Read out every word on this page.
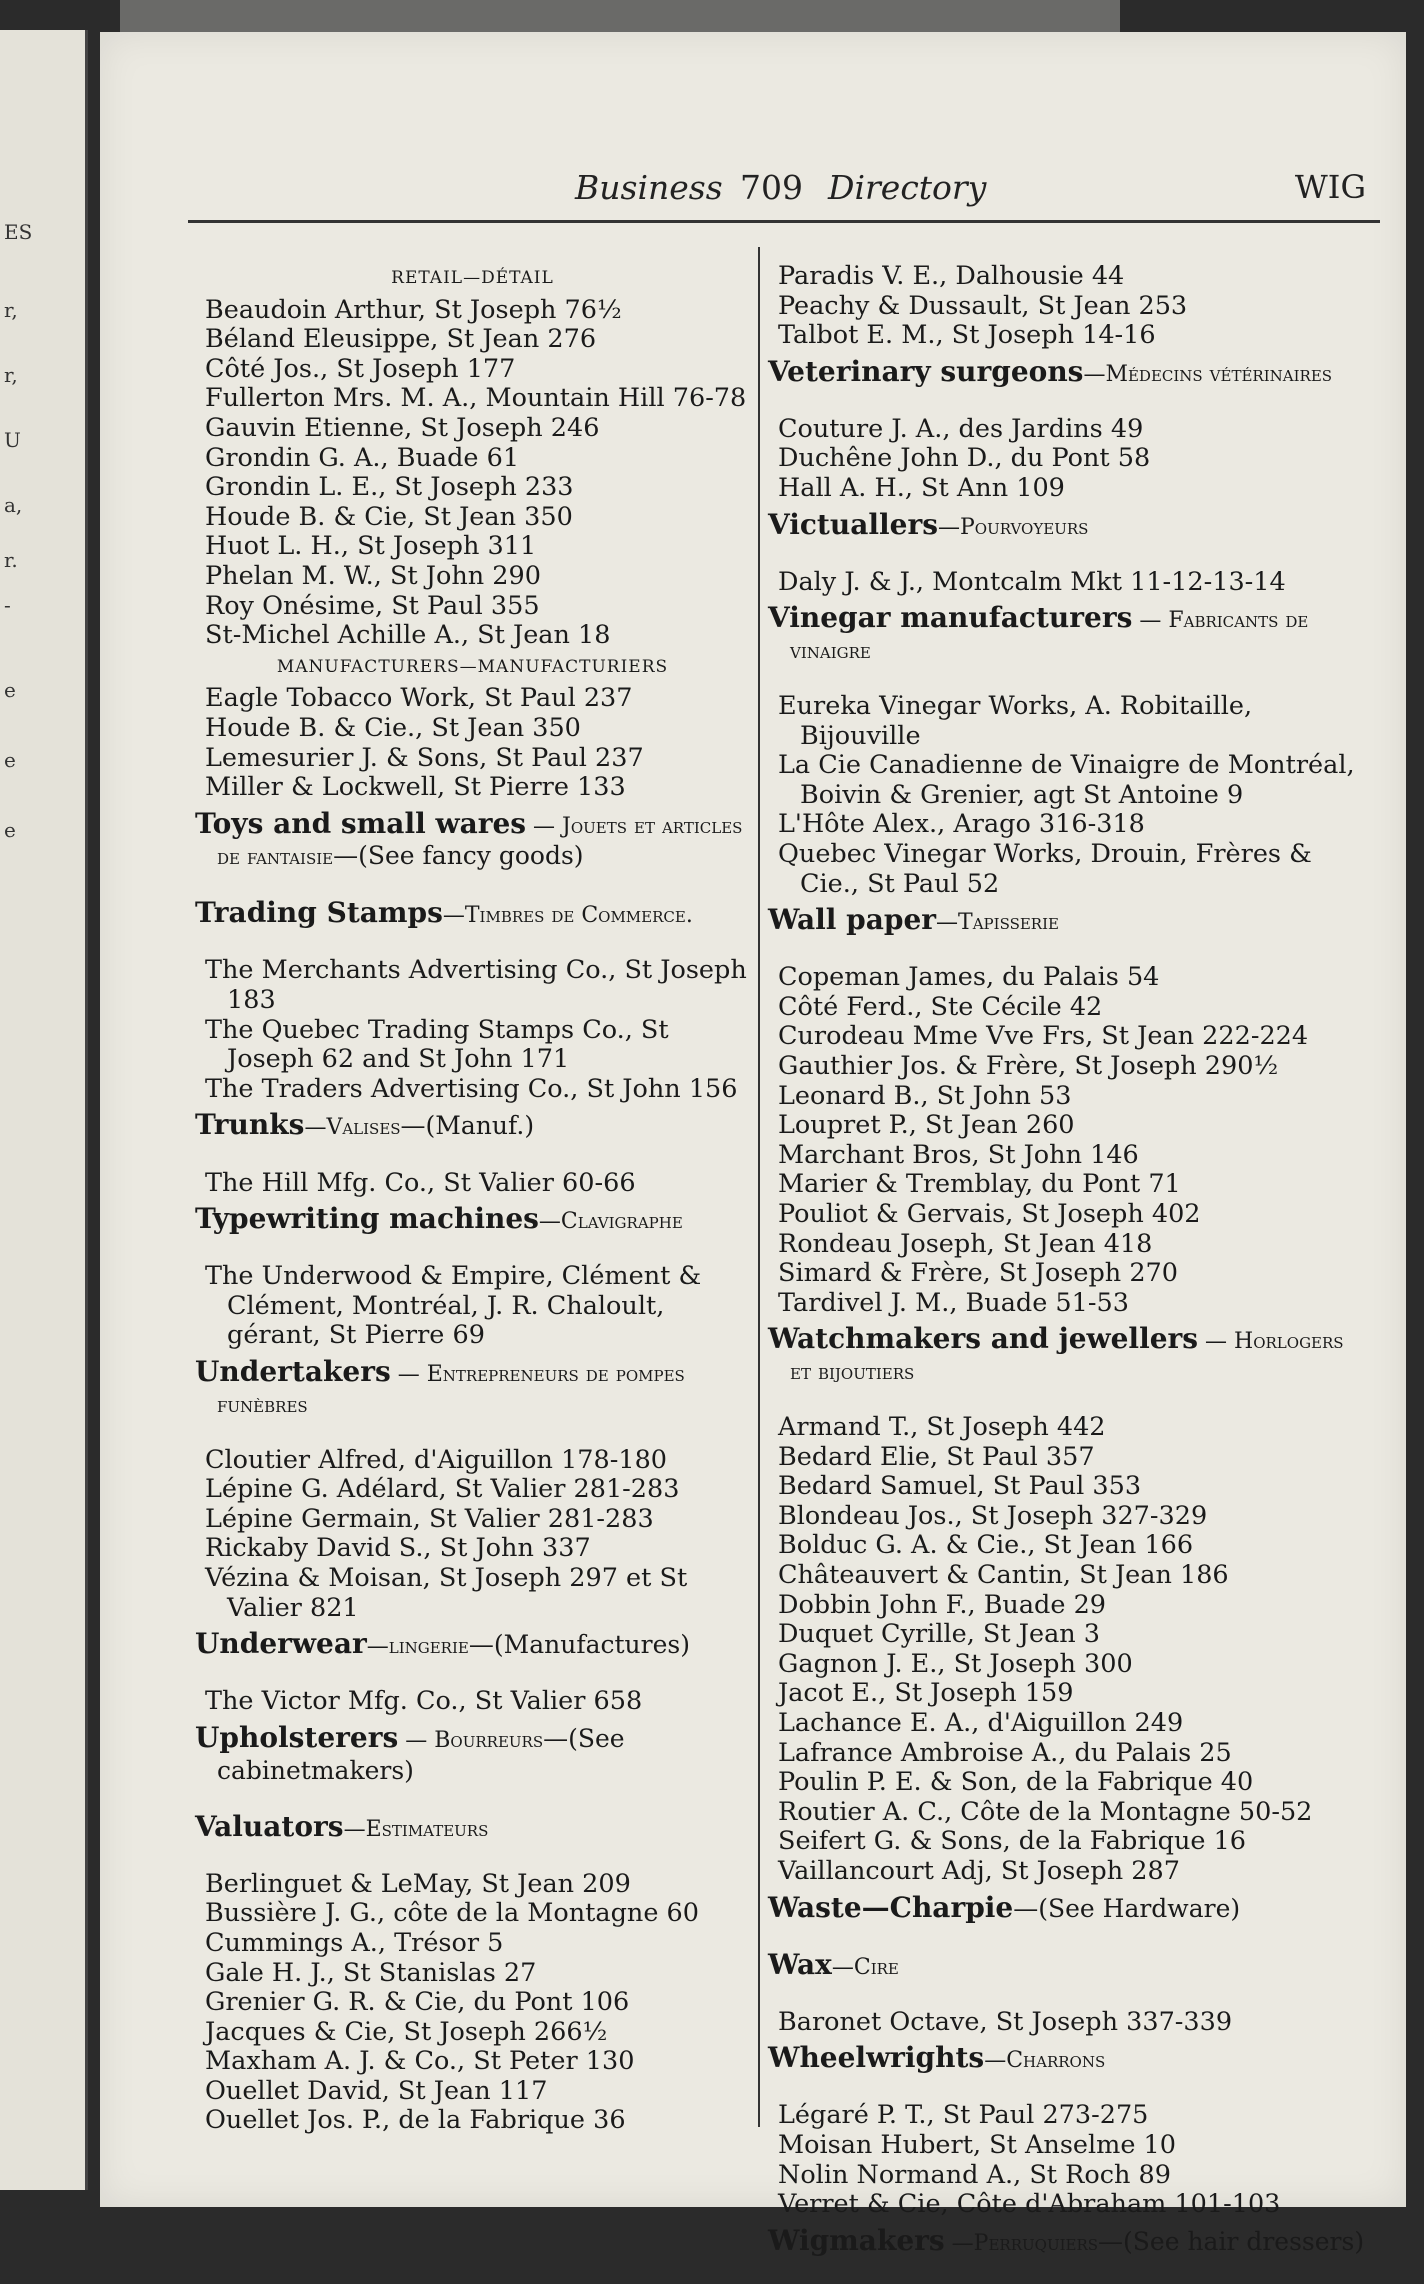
ES
r,
r,
U
a,
r.
-
e
e
e
Business 709 Directory	WIG

RETAIL—DÉTAIL

Beaudoin Arthur, St Joseph 76½

Béland Eleusippe, St Jean 276

Côté Jos., St Joseph 177

Fullerton Mrs. M. A., Mountain Hill 76-78

Gauvin Etienne, St Joseph 246

Grondin G. A., Buade 61

Grondin L. E., St Joseph 233

Houde B. & Cie, St Jean 350

Huot L. H., St Joseph 311

Phelan M. W., St John 290

Roy Onésime, St Paul 355

St-Michel Achille A., St Jean 18

MANUFACTURERS—MANUFACTURIERS

Eagle Tobacco Work, St Paul 237

Houde B. & Cie., St Jean 350

Lemesurier J. & Sons, St Paul 237

Miller & Lockwell, St Pierre 133

Toys and small wares — Jouets et articles de fantaisie—(See fancy goods)

Trading Stamps—Timbres de Commerce.

The Merchants Advertising Co., St Joseph 183

The Quebec Trading Stamps Co., St Joseph 62 and St John 171

The Traders Advertising Co., St John 156

Trunks—Valises—(Manuf.)

The Hill Mfg. Co., St Valier 60-66

Typewriting machines—Clavigraphe

The Underwood & Empire, Clément & Clément, Montréal, J. R. Chaloult, gérant, St Pierre 69

Undertakers — Entrepreneurs de pompes funèbres

Cloutier Alfred, d'Aiguillon 178-180

Lépine G. Adélard, St Valier 281-283

Lépine Germain, St Valier 281-283

Rickaby David S., St John 337

Vézina & Moisan, St Joseph 297 et St Valier 821

Underwear—lingerie—(Manufactures)

The Victor Mfg. Co., St Valier 658

Upholsterers — Bourreurs—(See cabinetmakers)

Valuators—Estimateurs

Berlinguet & LeMay, St Jean 209

Bussière J. G., côte de la Montagne 60

Cummings A., Trésor 5

Gale H. J., St Stanislas 27

Grenier G. R. & Cie, du Pont 106

Jacques & Cie, St Joseph 266½

Maxham A. J. & Co., St Peter 130

Ouellet David, St Jean 117

Ouellet Jos. P., de la Fabrique 36

Paradis V. E., Dalhousie 44

Peachy & Dussault, St Jean 253

Talbot E. M., St Joseph 14-16

Veterinary surgeons—Médecins vétérinaires

Couture J. A., des Jardins 49

Duchêne John D., du Pont 58

Hall A. H., St Ann 109

Victuallers—Pourvoyeurs

Daly J. & J., Montcalm Mkt 11-12-13-14

Vinegar manufacturers — Fabricants de vinaigre

Eureka Vinegar Works, A. Robitaille, Bijouville

La Cie Canadienne de Vinaigre de Montréal, Boivin & Grenier, agt St Antoine 9

L'Hôte Alex., Arago 316-318

Quebec Vinegar Works, Drouin, Frères & Cie., St Paul 52

Wall paper—Tapisserie

Copeman James, du Palais 54

Côté Ferd., Ste Cécile 42

Curodeau Mme Vve Frs, St Jean 222-224

Gauthier Jos. & Frère, St Joseph 290½

Leonard B., St John 53

Loupret P., St Jean 260

Marchant Bros, St John 146

Marier & Tremblay, du Pont 71

Pouliot & Gervais, St Joseph 402

Rondeau Joseph, St Jean 418

Simard & Frère, St Joseph 270

Tardivel J. M., Buade 51-53

Watchmakers and jewellers — Horlogers et bijoutiers

Armand T., St Joseph 442

Bedard Elie, St Paul 357

Bedard Samuel, St Paul 353

Blondeau Jos., St Joseph 327-329

Bolduc G. A. & Cie., St Jean 166

Châteauvert & Cantin, St Jean 186

Dobbin John F., Buade 29

Duquet Cyrille, St Jean 3

Gagnon J. E., St Joseph 300

Jacot E., St Joseph 159

Lachance E. A., d'Aiguillon 249

Lafrance Ambroise A., du Palais 25

Poulin P. E. & Son, de la Fabrique 40

Routier A. C., Côte de la Montagne 50-52

Seifert G. & Sons, de la Fabrique 16

Vaillancourt Adj, St Joseph 287

Waste—Charpie—(See Hardware)

Wax—Cire

Baronet Octave, St Joseph 337-339

Wheelwrights—Charrons

Légaré P. T., St Paul 273-275

Moisan Hubert, St Anselme 10

Nolin Normand A., St Roch 89

Verret & Cie, Côte d'Abraham 101-103

Wigmakers —Perruquiers—(See hair dressers)
